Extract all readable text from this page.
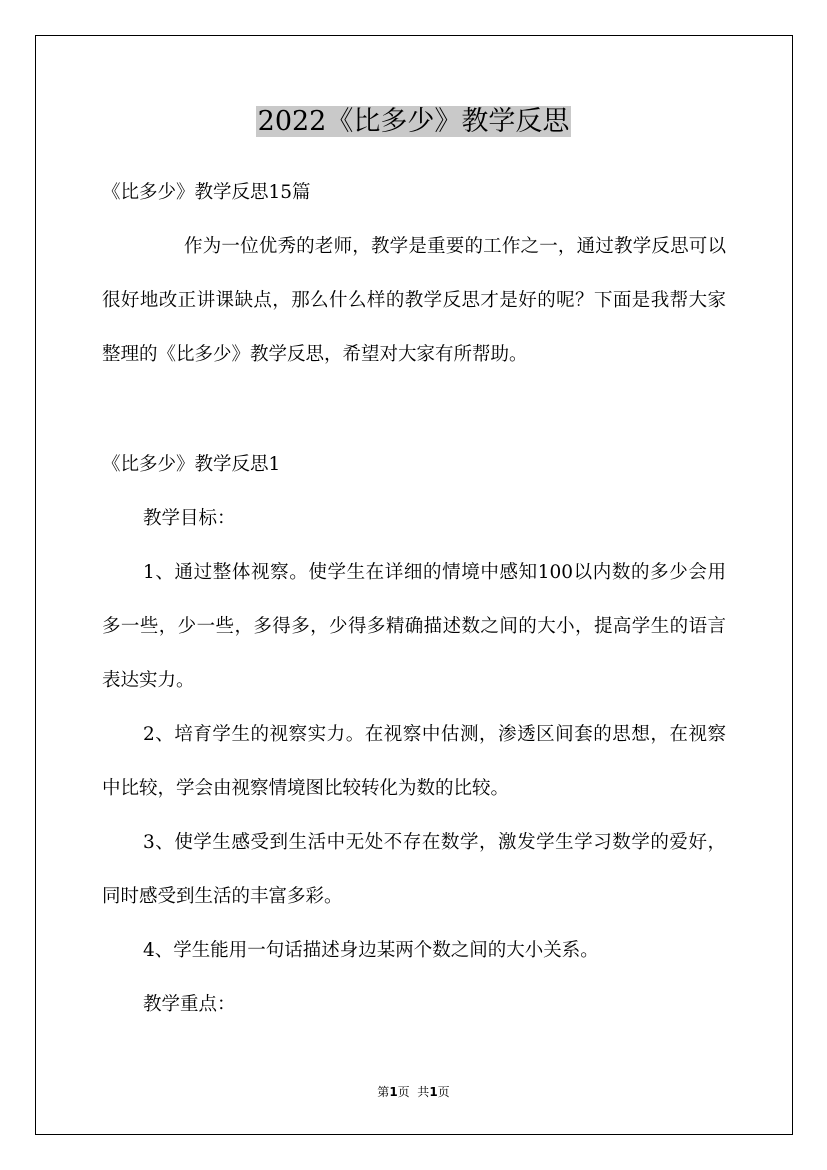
2022《比多少》教学反思

《比多少》教学反思15篇

作为一位优秀的老师，教学是重要的工作之一，通过教学反思可以很好地改正讲课缺点，那么什么样的教学反思才是好的呢？下面是我帮大家整理的《比多少》教学反思，希望对大家有所帮助。

《比多少》教学反思1

教学目标：

1、通过整体视察。使学生在详细的情境中感知100以内数的多少会用多一些，少一些，多得多，少得多精确描述数之间的大小，提高学生的语言表达实力。

2、培育学生的视察实力。在视察中估测，渗透区间套的思想，在视察中比较，学会由视察情境图比较转化为数的比较。

3、使学生感受到生活中无处不存在数学，激发学生学习数学的爱好，同时感受到生活的丰富多彩。

4、学生能用一句话描述身边某两个数之间的大小关系。

教学重点：

第1页  共1页
